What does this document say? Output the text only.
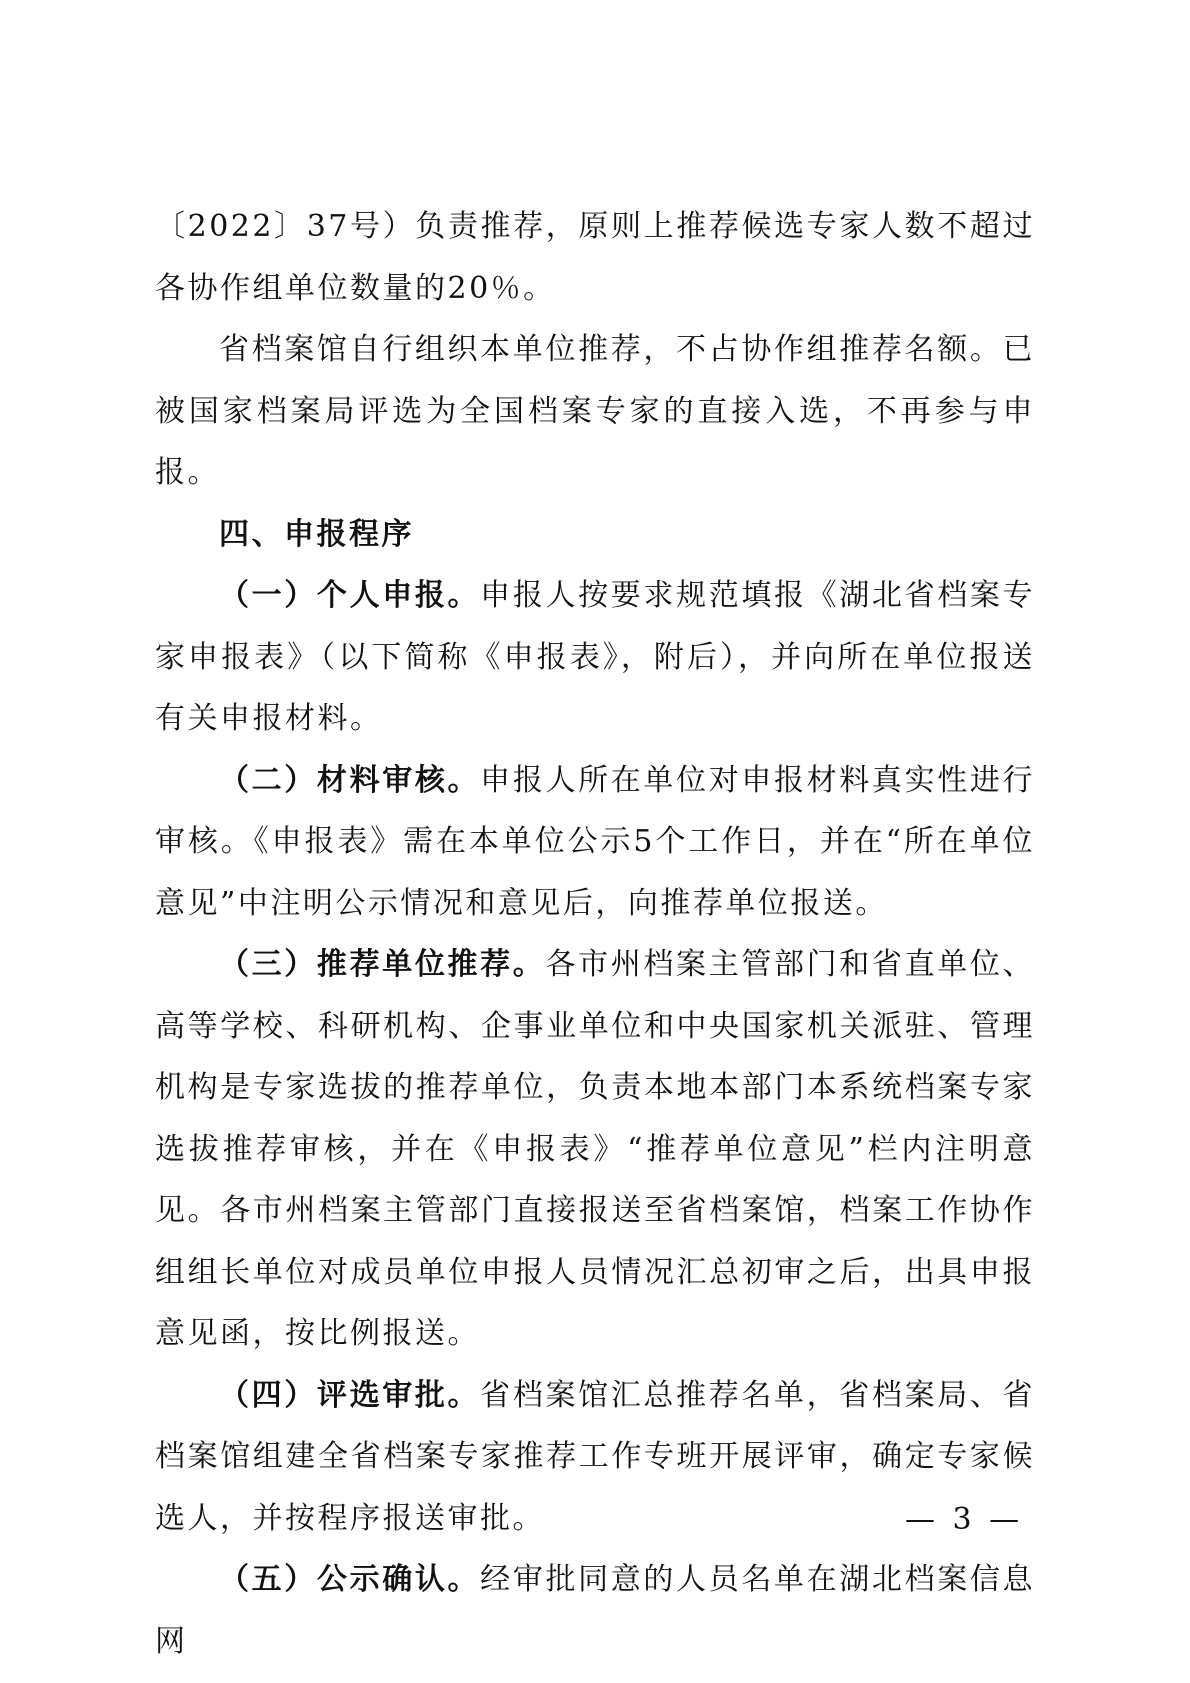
〔2022〕37号）负责推荐，原则上推荐候选专家人数不超过各协作组单位数量的20％。

省档案馆自行组织本单位推荐，不占协作组推荐名额。已被国家档案局评选为全国档案专家的直接入选，不再参与申报。

四、申报程序

（一）个人申报。申报人按要求规范填报《湖北省档案专家申报表》（以下简称《申报表》，附后），并向所在单位报送有关申报材料。

（二）材料审核。申报人所在单位对申报材料真实性进行审核。《申报表》需在本单位公示5个工作日，并在“所在单位意见”中注明公示情况和意见后，向推荐单位报送。

（三）推荐单位推荐。各市州档案主管部门和省直单位、高等学校、科研机构、企事业单位和中央国家机关派驻、管理机构是专家选拔的推荐单位，负责本地本部门本系统档案专家选拔推荐审核，并在《申报表》“推荐单位意见”栏内注明意见。各市州档案主管部门直接报送至省档案馆，档案工作协作组组长单位对成员单位申报人员情况汇总初审之后，出具申报意见函，按比例报送。

（四）评选审批。省档案馆汇总推荐名单，省档案局、省档案馆组建全省档案专家推荐工作专班开展评审，确定专家候选人，并按程序报送审批。

（五）公示确认。经审批同意的人员名单在湖北档案信息网

— 3 —
